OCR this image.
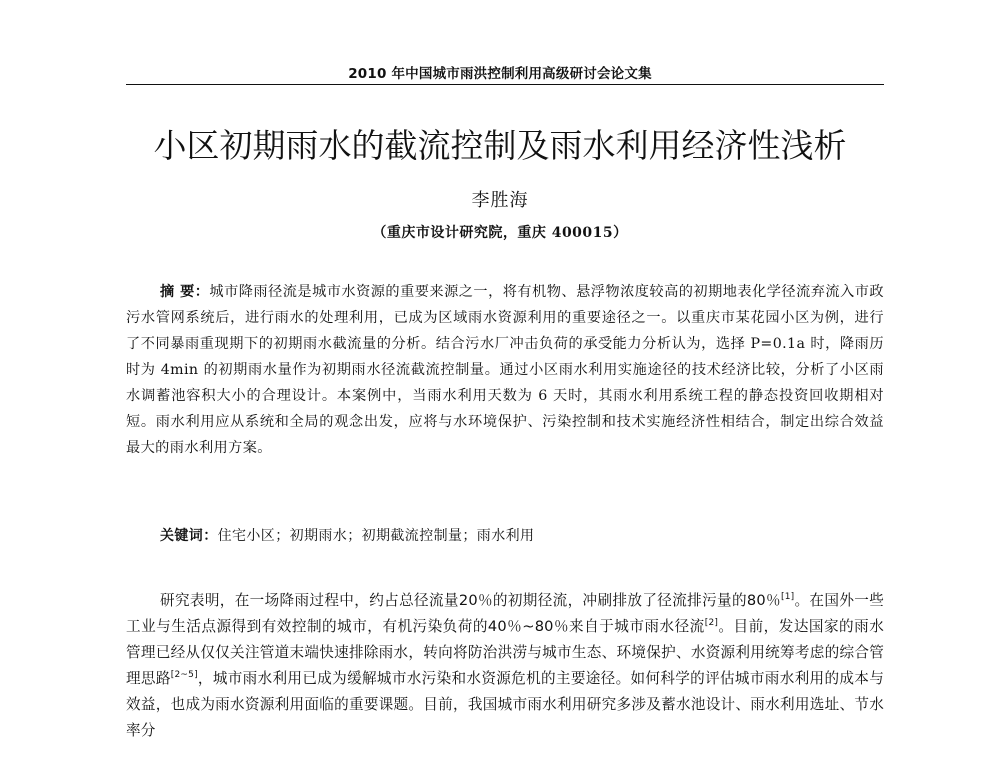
2010 年中国城市雨洪控制利用高级研讨会论文集
小区初期雨水的截流控制及雨水利用经济性浅析
李胜海
（重庆市设计研究院，重庆 400015）
摘 要：城市降雨径流是城市水资源的重要来源之一，将有机物、悬浮物浓度较高的初期地表化学径流弃流入市政污水管网系统后，进行雨水的处理利用，已成为区域雨水资源利用的重要途径之一。以重庆市某花园小区为例，进行了不同暴雨重现期下的初期雨水截流量的分析。结合污水厂冲击负荷的承受能力分析认为，选择 P=0.1a 时，降雨历时为 4min 的初期雨水量作为初期雨水径流截流控制量。通过小区雨水利用实施途径的技术经济比较，分析了小区雨水调蓄池容积大小的合理设计。本案例中，当雨水利用天数为 6 天时，其雨水利用系统工程的静态投资回收期相对短。雨水利用应从系统和全局的观念出发，应将与水环境保护、污染控制和技术实施经济性相结合，制定出综合效益最大的雨水利用方案。
关键词：住宅小区；初期雨水；初期截流控制量；雨水利用
研究表明，在一场降雨过程中，约占总径流量20％的初期径流，冲刷排放了径流排污量的80％[1]。在国外一些工业与生活点源得到有效控制的城市，有机污染负荷的40％~80％来自于城市雨水径流[2]。目前，发达国家的雨水管理已经从仅仅关注管道末端快速排除雨水，转向将防治洪涝与城市生态、环境保护、水资源利用统筹考虑的综合管理思路[2~5]，城市雨水利用已成为缓解城市水污染和水资源危机的主要途径。如何科学的评估城市雨水利用的成本与效益，也成为雨水资源利用面临的重要课题。目前，我国城市雨水利用研究多涉及蓄水池设计、雨水利用选址、节水率分
